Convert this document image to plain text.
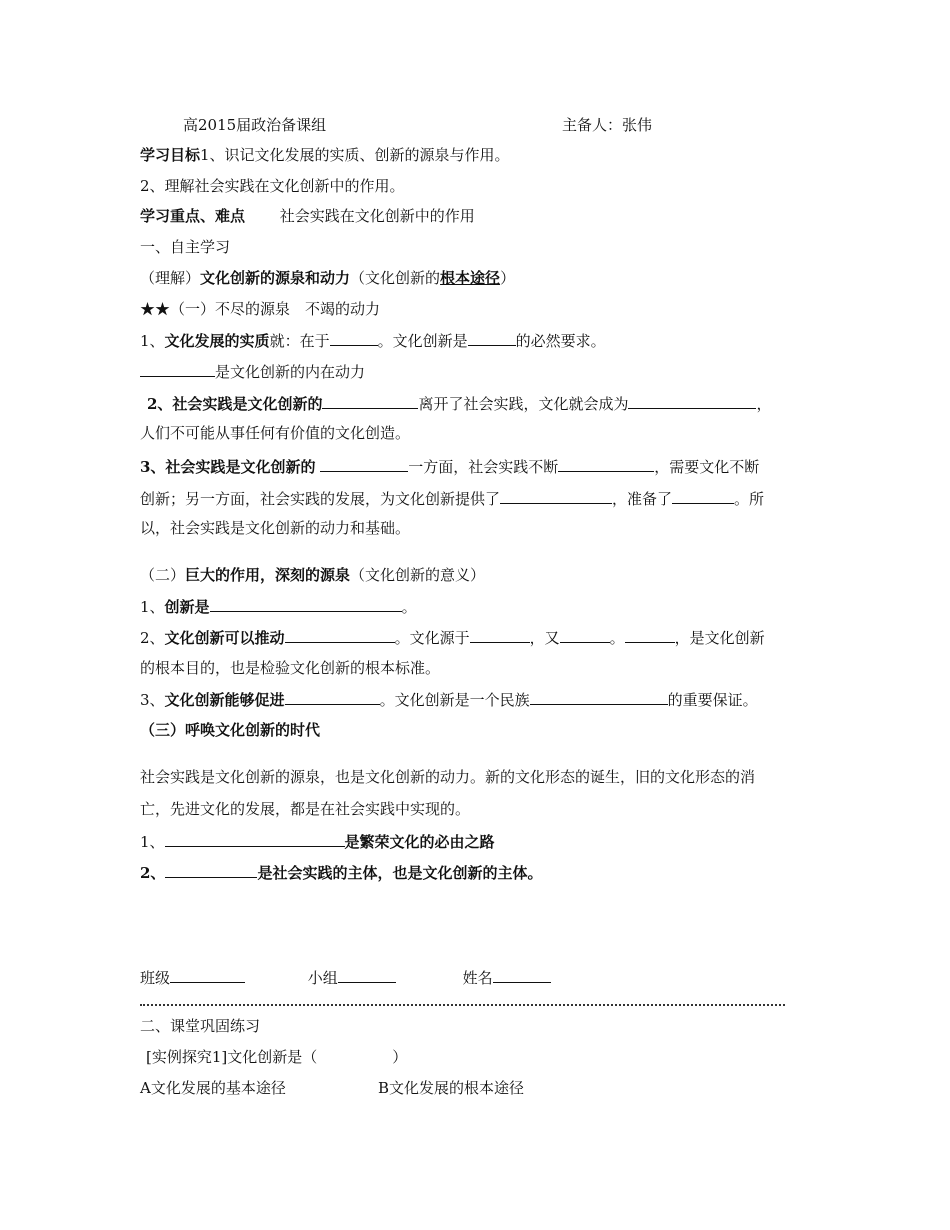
高2015届政治备课组	主备人：张伟
学习目标1、识记文化发展的实质、创新的源泉与作用。
2、理解社会实践在文化创新中的作用。
学习重点、难点 社会实践在文化创新中的作用
一、自主学习
（理解）文化创新的源泉和动力（文化创新的根本途径）
★★（一）不尽的源泉　不竭的动力
1、文化发展的实质就：在于	。文化创新是	的必然要求。
是文化创新的内在动力
2、社会实践是文化创新的	离开了社会实践，文化就会成为	，
人们不可能从事任何有价值的文化创造。
3、社会实践是文化创新的	一方面，社会实践不断	，需要文化不断
创新；另一方面，社会实践的发展，为文化创新提供了	，准备了	。所
以，社会实践是文化创新的动力和基础。
（二）巨大的作用，深刻的源泉（文化创新的意义）
1、创新是	。
2、文化创新可以推动	。文化源于	，又	。	，是文化创新
的根本目的，也是检验文化创新的根本标准。
3、文化创新能够促进	。文化创新是一个民族	的重要保证。
（三）呼唤文化创新的时代
社会实践是文化创新的源泉，也是文化创新的动力。新的文化形态的诞生，旧的文化形态的消
亡，先进文化的发展，都是在社会实践中实现的。
1、	是繁荣文化的必由之路
2、	是社会实践的主体，也是文化创新的主体。
班级	小组	姓名
二、课堂巩固练习
[实例探究1]文化创新是（　　　　　）
A文化发展的基本途径	B文化发展的根本途径
